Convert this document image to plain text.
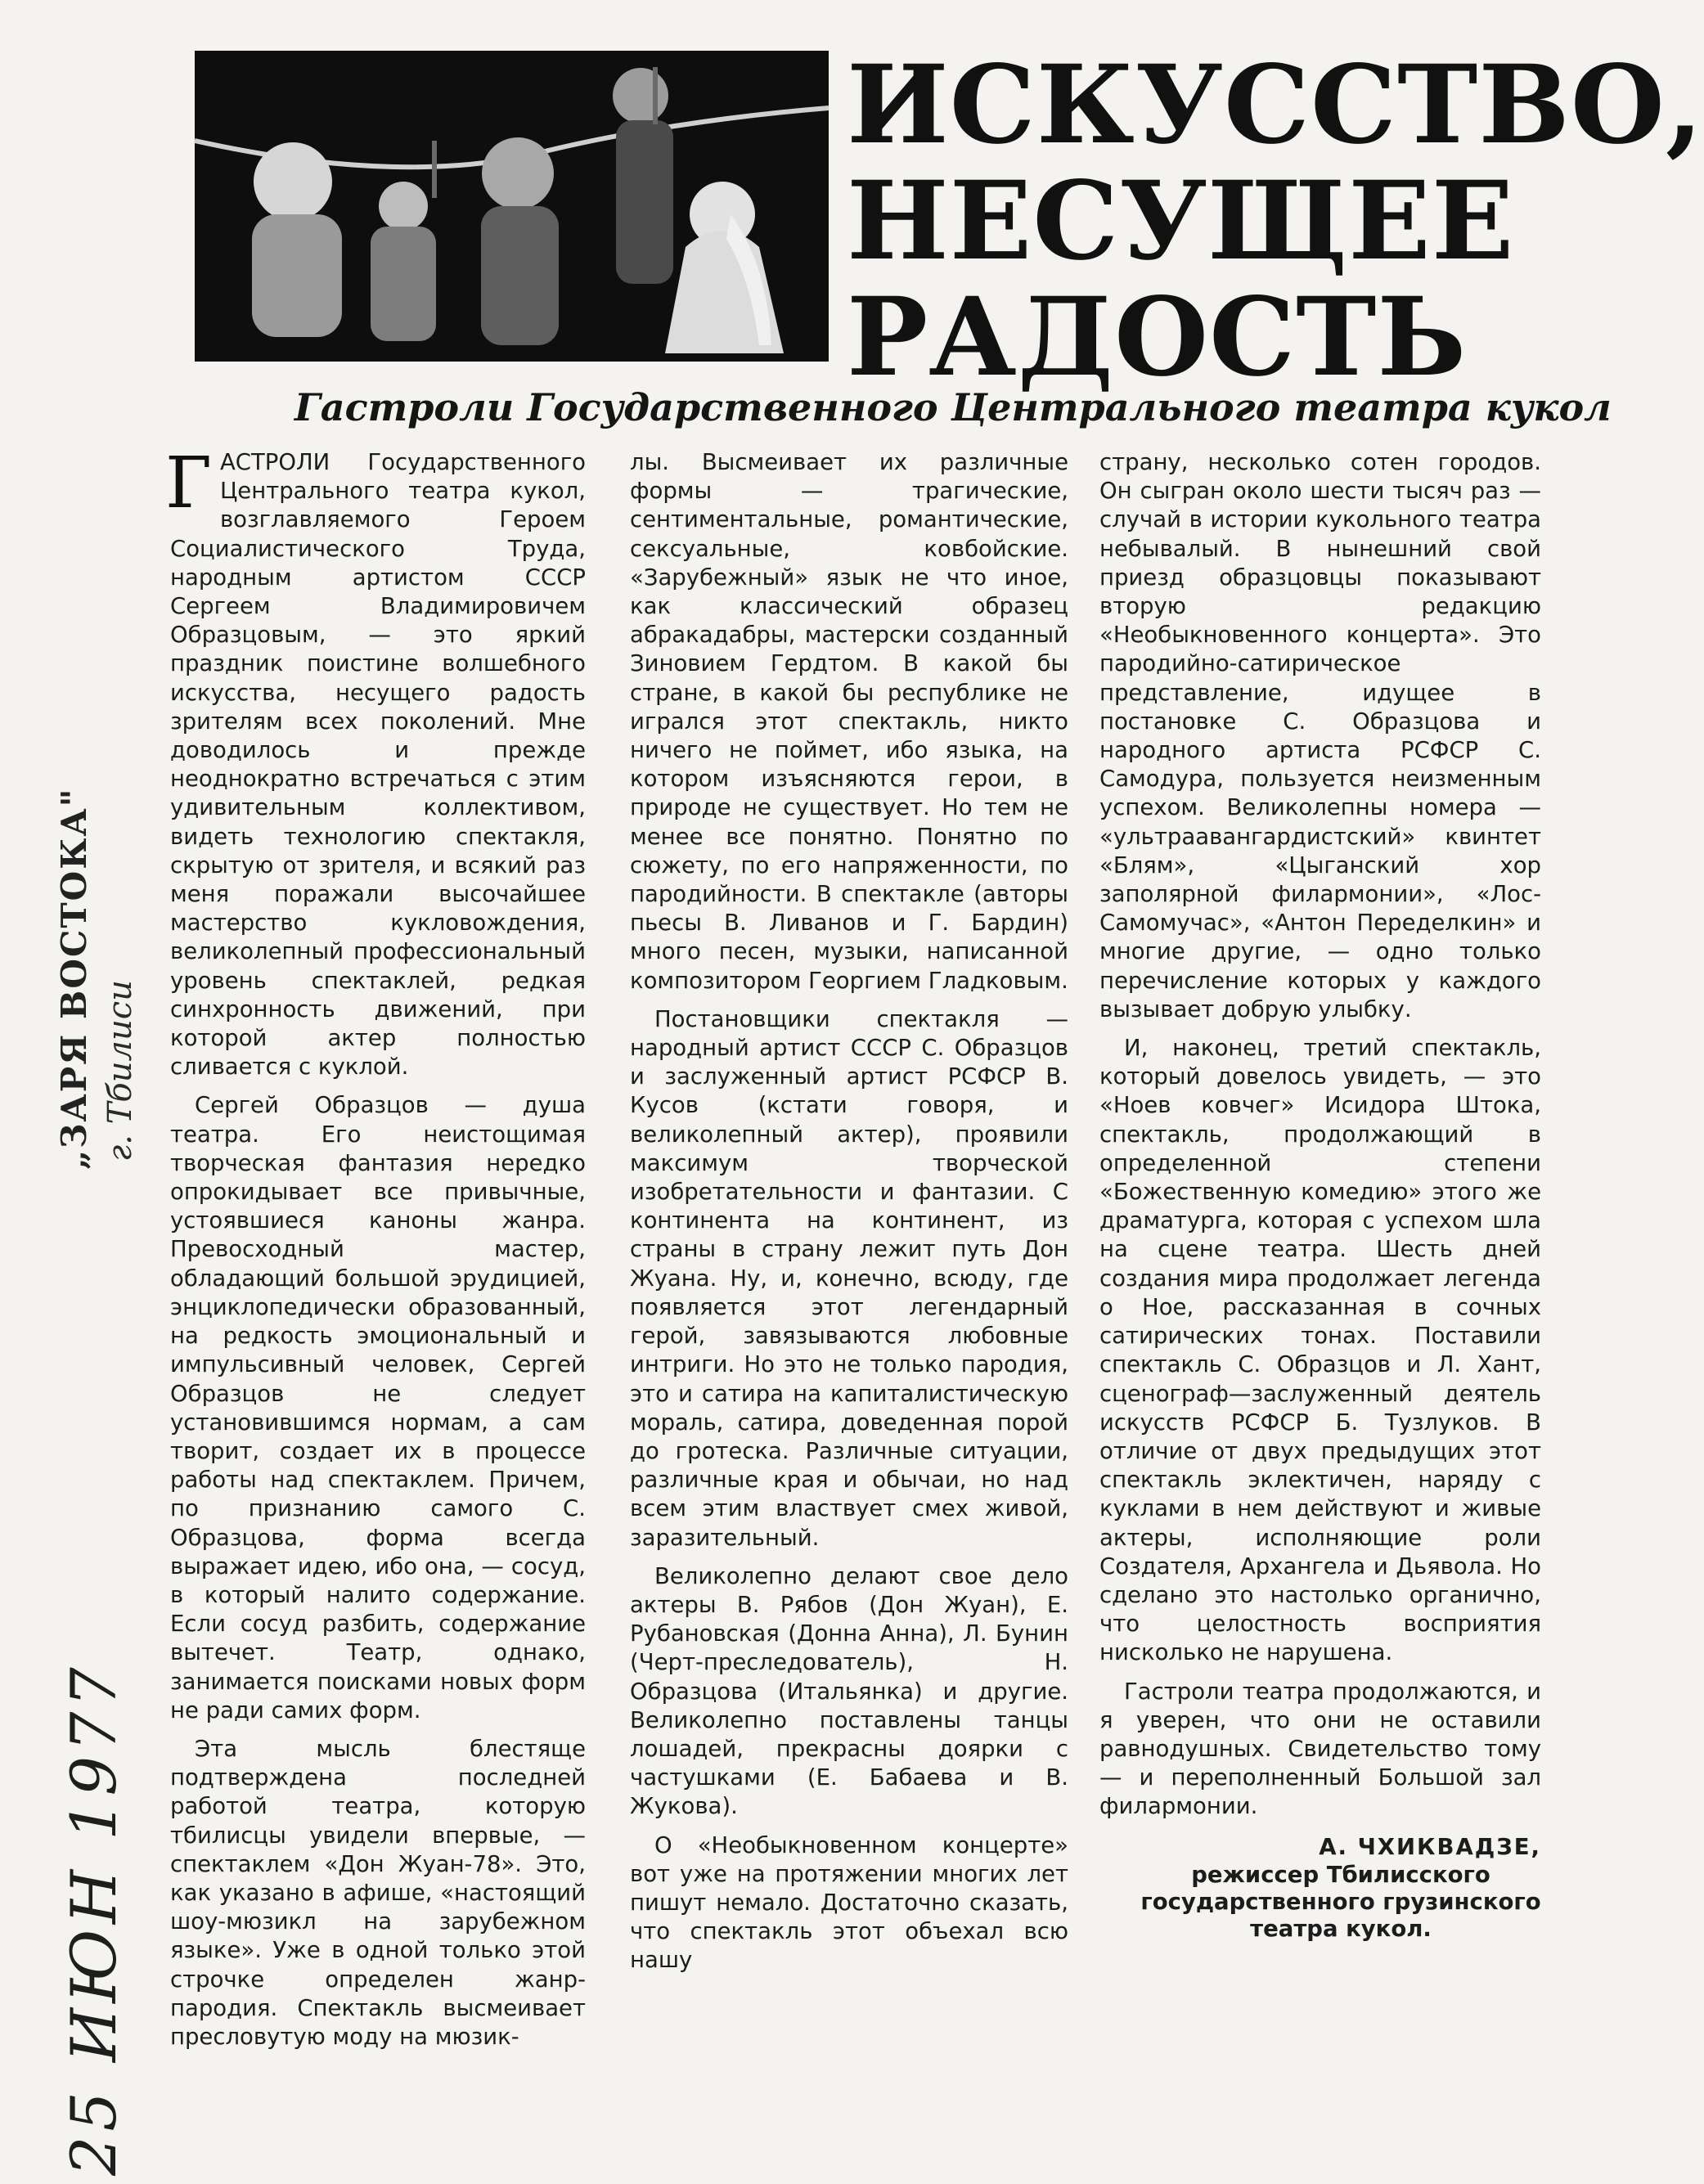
ИСКУССТВО,
НЕСУЩЕЕ
РАДОСТЬ
Гастроли Государственного Центрального театра кукол

ГАСТРОЛИ Государственного Центрального театра кукол, возглавляемого Героем Социалистического Труда, народным артистом СССР Сергеем Владимировичем Образцовым, — это яркий праздник поистине волшебного искусства, несущего радость зрителям всех поколений. Мне доводилось и прежде неоднократно встречаться с этим удивительным коллективом, видеть технологию спектакля, скрытую от зрителя, и всякий раз меня поражали высочайшее мастерство кукловождения, великолепный профессиональный уровень спектаклей, редкая синхронность движений, при которой актер полностью сливается с куклой.

Сергей Образцов — душа театра. Его неистощимая творческая фантазия нередко опрокидывает все привычные, устоявшиеся каноны жанра. Превосходный мастер, обладающий большой эрудицией, энциклопедически образованный, на редкость эмоциональный и импульсивный человек, Сергей Образцов не следует установившимся нормам, а сам творит, создает их в процессе работы над спектаклем. Причем, по признанию самого С. Образцова, форма всегда выражает идею, ибо она, — сосуд, в который налито содержание. Если сосуд разбить, содержание вытечет. Театр, однако, занимается поисками новых форм не ради самих форм.

Эта мысль блестяще подтверждена последней работой театра, которую тбилисцы увидели впервые, — спектаклем «Дон Жуан-78». Это, как указано в афише, «настоящий шоу-мюзикл на зарубежном языке». Уже в одной только этой строчке определен жанр-пародия. Спектакль высмеивает пресловутую моду на мюзик-

лы. Высмеивает их различные формы — трагические, сентиментальные, романтические, сексуальные, ковбойские. «Зарубежный» язык не что иное, как классический образец абракадабры, мастерски созданный Зиновием Гердтом. В какой бы стране, в какой бы республике не игрался этот спектакль, никто ничего не поймет, ибо языка, на котором изъясняются герои, в природе не существует. Но тем не менее все понятно. Понятно по сюжету, по его напряженности, по пародийности. В спектакле (авторы пьесы В. Ливанов и Г. Бардин) много песен, музыки, написанной композитором Георгием Гладковым.

Постановщики спектакля — народный артист СССР С. Образцов и заслуженный артист РСФСР В. Кусов (кстати говоря, и великолепный актер), проявили максимум творческой изобретательности и фантазии. С континента на континент, из страны в страну лежит путь Дон Жуана. Ну, и, конечно, всюду, где появляется этот легендарный герой, завязываются любовные интриги. Но это не только пародия, это и сатира на капиталистическую мораль, сатира, доведенная порой до гротеска. Различные ситуации, различные края и обычаи, но над всем этим властвует смех живой, заразительный.

Великолепно делают свое дело актеры В. Рябов (Дон Жуан), Е. Рубановская (Донна Анна), Л. Бунин (Черт-преследователь), Н. Образцова (Итальянка) и другие. Великолепно поставлены танцы лошадей, прекрасны доярки с частушками (Е. Бабаева и В. Жукова).

О «Необыкновенном концерте» вот уже на протяжении многих лет пишут немало. Достаточно сказать, что спектакль этот объехал всю нашу

страну, несколько сотен городов. Он сыгран около шести тысяч раз — случай в истории кукольного театра небывалый. В нынешний свой приезд образцовцы показывают вторую редакцию «Необыкновенного концерта». Это пародийно-сатирическое представление, идущее в постановке С. Образцова и народного артиста РСФСР С. Самодура, пользуется неизменным успехом. Великолепны номера — «ультраавангардистский» квинтет «Блям», «Цыганский хор заполярной филармонии», «Лос-Самомучас», «Антон Переделкин» и многие другие, — одно только перечисление которых у каждого вызывает добрую улыбку.

И, наконец, третий спектакль, который довелось увидеть, — это «Ноев ковчег» Исидора Штока, спектакль, продолжающий в определенной степени «Божественную комедию» этого же драматурга, которая с успехом шла на сцене театра. Шесть дней создания мира продолжает легенда о Ное, рассказанная в сочных сатирических тонах. Поставили спектакль С. Образцов и Л. Хант, сценограф—заслуженный деятель искусств РСФСР Б. Тузлуков. В отличие от двух предыдущих этот спектакль эклектичен, наряду с куклами в нем действуют и живые актеры, исполняющие роли Создателя, Архангела и Дьявола. Но сделано это настолько органично, что целостность восприятия нисколько не нарушена.

Гастроли театра продолжаются, и я уверен, что они не оставили равнодушных. Свидетельство тому — и переполненный Большой зал филармонии.

А. ЧХИКВАДЗЕ,
режиссер Тбилисского государственного грузинского театра кукол.
„ЗАРЯ ВОСТОКА" г. Тбилиси
25 ИЮН 1977
